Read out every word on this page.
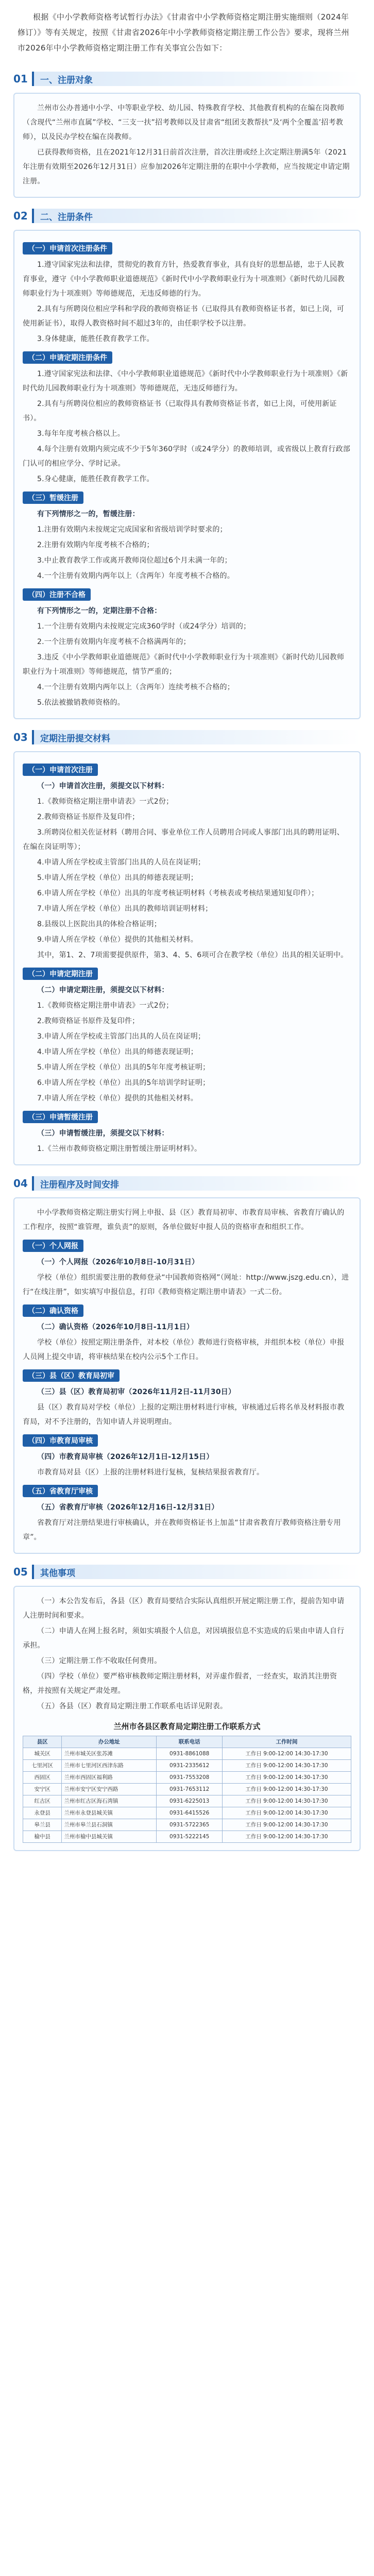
根据《中小学教师资格考试暂行办法》《甘肃省中小学教师资格定期注册实施细则（2024年修订）》等有关规定，按照《甘肃省2026年中小学教师资格定期注册工作公告》要求，现将兰州市2026年中小学教师资格定期注册工作有关事宜公告如下：
01	一、注册对象

兰州市公办普通中小学、中等职业学校、幼儿园、特殊教育学校、其他教育机构的在编在岗教师（含现代“兰州市直属”学校、“三支一扶”招考教师以及甘肃省“组团支教帮扶”及‘两个全覆盖’招考教师），以及民办学校在编在岗教师。

已获得教师资格，且在2021年12月31日前首次注册，首次注册或经上次定期注册满5年（2021年注册有效期至2026年12月31日）应参加2026年定期注册的在职中小学教师，应当按规定申请定期注册。

02	二、注册条件
（一）申请首次注册条件

1.遵守国家宪法和法律，贯彻党的教育方针，热爱教育事业，具有良好的思想品德，忠于人民教育事业，遵守《中小学教师职业道德规范》《新时代中小学教师职业行为十项准则》《新时代幼儿园教师职业行为十项准则》等师德规范，无违反师德的行为。

2.具有与所聘岗位相应学科和学段的教师资格证书（已取得具有教师资格证书者，如已上岗，可使用新证书），取得人教资格时间不超过3年的，由任职学校予以注册。

3.身体健康，能胜任教育教学工作。

（二）申请定期注册条件

1.遵守国家宪法和法律、《中小学教师职业道德规范》《新时代中小学教师职业行为十项准则》《新时代幼儿园教师职业行为十项准则》等师德规范，无违反师德行为。

2.具有与所聘岗位相应的教师资格证书（已取得具有教师资格证书者，如已上岗，可使用新证书）。

3.每年年度考核合格以上。

4.每个注册有效期内须完成不少于5年360学时（或24学分）的教师培训，或省级以上教育行政部门认可的相应学分、学时记录。

5.身心健康，能胜任教育教学工作。

（三）暂缓注册

有下列情形之一的，暂缓注册：

1.注册有效期内未按规定完成国家和省级培训学时要求的；

2.注册有效期内年度考核不合格的；

3.中止教育教学工作或离开教师岗位超过6个月未满一年的；

4.一个注册有效期内两年以上（含两年）年度考核不合格的。

（四）注册不合格

有下列情形之一的，定期注册不合格：

1.一个注册有效期内未按规定完成360学时（或24学分）培训的；

2.一个注册有效期内年度考核不合格满两年的；

3.违反《中小学教师职业道德规范》《新时代中小学教师职业行为十项准则》《新时代幼儿园教师职业行为十项准则》等师德规范，情节严重的；

4.一个注册有效期内两年以上（含两年）连续考核不合格的；

5.依法被撤销教师资格的。

03	定期注册提交材料
（一）申请首次注册

（一）申请首次注册，须提交以下材料：

1.《教师资格定期注册申请表》一式2份；

2.教师资格证书原件及复印件；

3.所聘岗位相关佐证材料（聘用合同、事业单位工作人员聘用合同或人事部门出具的聘用证明、在编在岗证明等）；

4.申请人所在学校或主管部门出具的人员在岗证明；

5.申请人所在学校（单位）出具的师德表现证明；

6.申请人所在学校（单位）出具的年度考核证明材料（考核表或考核结果通知复印件）；

7.申请人所在学校（单位）出具的教师培训证明材料；

8.县级以上医院出具的体检合格证明；

9.申请人所在学校（单位）提供的其他相关材料。

其中，第1、2、7项需要提供原件，第3、4、5、6项可合在教学校（单位）出具的相关证明中。

（二）申请定期注册

（二）申请定期注册，须提交以下材料：

1.《教师资格定期注册申请表》一式2份；

2.教师资格证书原件及复印件；

3.申请人所在学校或主管部门出具的人员在岗证明；

4.申请人所在学校（单位）出具的师德表现证明；

5.申请人所在学校（单位）出具的5年年度考核证明；

6.申请人所在学校（单位）出具的5年培训学时证明；

7.申请人所在学校（单位）提供的其他相关材料。

（三）申请暂缓注册

（三）申请暂缓注册，须提交以下材料：

1.《兰州市教师资格定期注册暂缓注册证明材料》。

04	注册程序及时间安排

中小学教师资格定期注册实行网上申报、县（区）教育局初审、市教育局审核、省教育厅确认的工作程序，按照“谁管理，谁负责”的原则，各单位做好申报人员的资格审查和组织工作。

（一）个人网报

（一）个人网报（2026年10月8日-10月31日）

学校（单位）组织需要注册的教师登录“中国教师资格网”（网址：http://www.jszg.edu.cn），进行“在线注册”，如实填写申报信息，打印《教师资格定期注册申请表》一式二份。

（二）确认资格

（二）确认资格（2026年10月8日-11月1日）

学校（单位）按照定期注册条件，对本校（单位）教师进行资格审核，并组织本校（单位）申报人员网上提交申请，将审核结果在校内公示5个工作日。

（三）县（区）教育局初审

（三）县（区）教育局初审（2026年11月2日-11月30日）

县（区）教育局对学校（单位）上报的定期注册材料进行审核，审核通过后将名单及材料报市教育局，对不予注册的，告知申请人并说明理由。

（四）市教育局审核

（四）市教育局审核（2026年12月1日-12月15日）

市教育局对县（区）上报的注册材料进行复核，复核结果报省教育厅。

（五）省教育厅审核

（五）省教育厅审核（2026年12月16日-12月31日）

省教育厅对注册结果进行审核确认，并在教师资格证书上加盖“甘肃省教育厅教师资格注册专用章”。

05	其他事项

（一）本公告发布后，各县（区）教育局要结合实际认真组织开展定期注册工作，提前告知申请人注册时间和要求。

（二）申请人在网上报名时，须如实填报个人信息，对因填报信息不实造成的后果由申请人自行承担。

（三）定期注册工作不收取任何费用。

（四）学校（单位）要严格审核教师定期注册材料，对弄虚作假者，一经查实，取消其注册资格，并按照有关规定严肃处理。

（五）各县（区）教育局定期注册工作联系电话详见附表。

兰州市各县区教育局定期注册工作联系方式
县区	办公地址	联系电话	工作时间
城关区	兰州市城关区张苏滩	0931-8861088	工作日 9:00-12:00 14:30-17:30
七里河区	兰州市七里河区西津东路	0931-2335612	工作日 9:00-12:00 14:30-17:30
西固区	兰州市西固区福利路	0931-7553208	工作日 9:00-12:00 14:30-17:30
安宁区	兰州市安宁区安宁西路	0931-7653112	工作日 9:00-12:00 14:30-17:30
红古区	兰州市红古区海石湾镇	0931-6225013	工作日 9:00-12:00 14:30-17:30
永登县	兰州市永登县城关镇	0931-6415526	工作日 9:00-12:00 14:30-17:30
皋兰县	兰州市皋兰县石洞镇	0931-5722365	工作日 9:00-12:00 14:30-17:30
榆中县	兰州市榆中县城关镇	0931-5222145	工作日 9:00-12:00 14:30-17:30
